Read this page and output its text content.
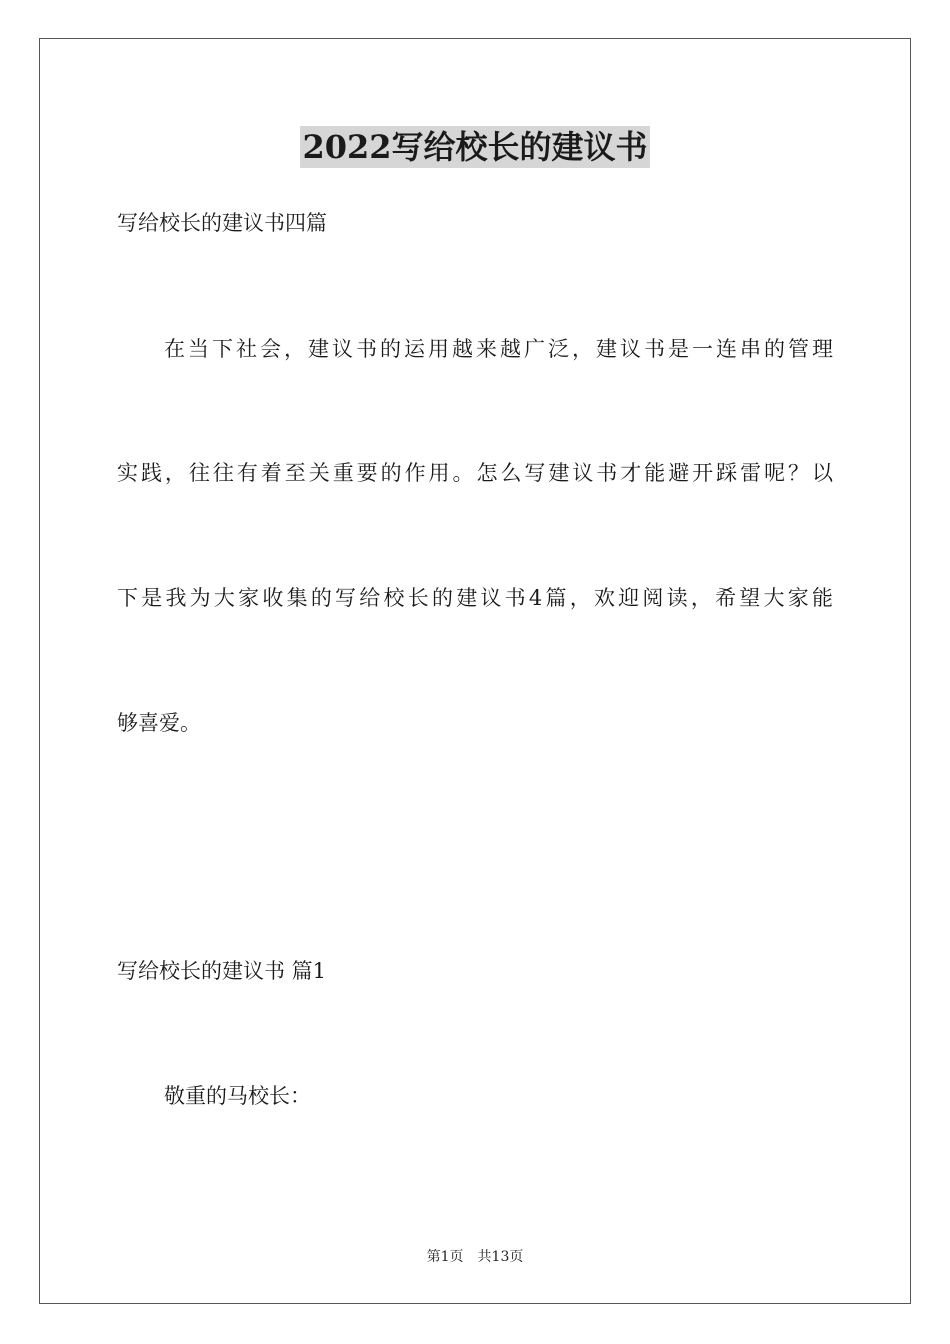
2022写给校长的建议书

写给校长的建议书四篇

在当下社会，建议书的运用越来越广泛，建议书是一连串的管理

实践，往往有着至关重要的作用。怎么写建议书才能避开踩雷呢？以

下是我为大家收集的写给校长的建议书4篇，欢迎阅读，希望大家能

够喜爱。

写给校长的建议书 篇1

敬重的马校长：

第1页 共13页
